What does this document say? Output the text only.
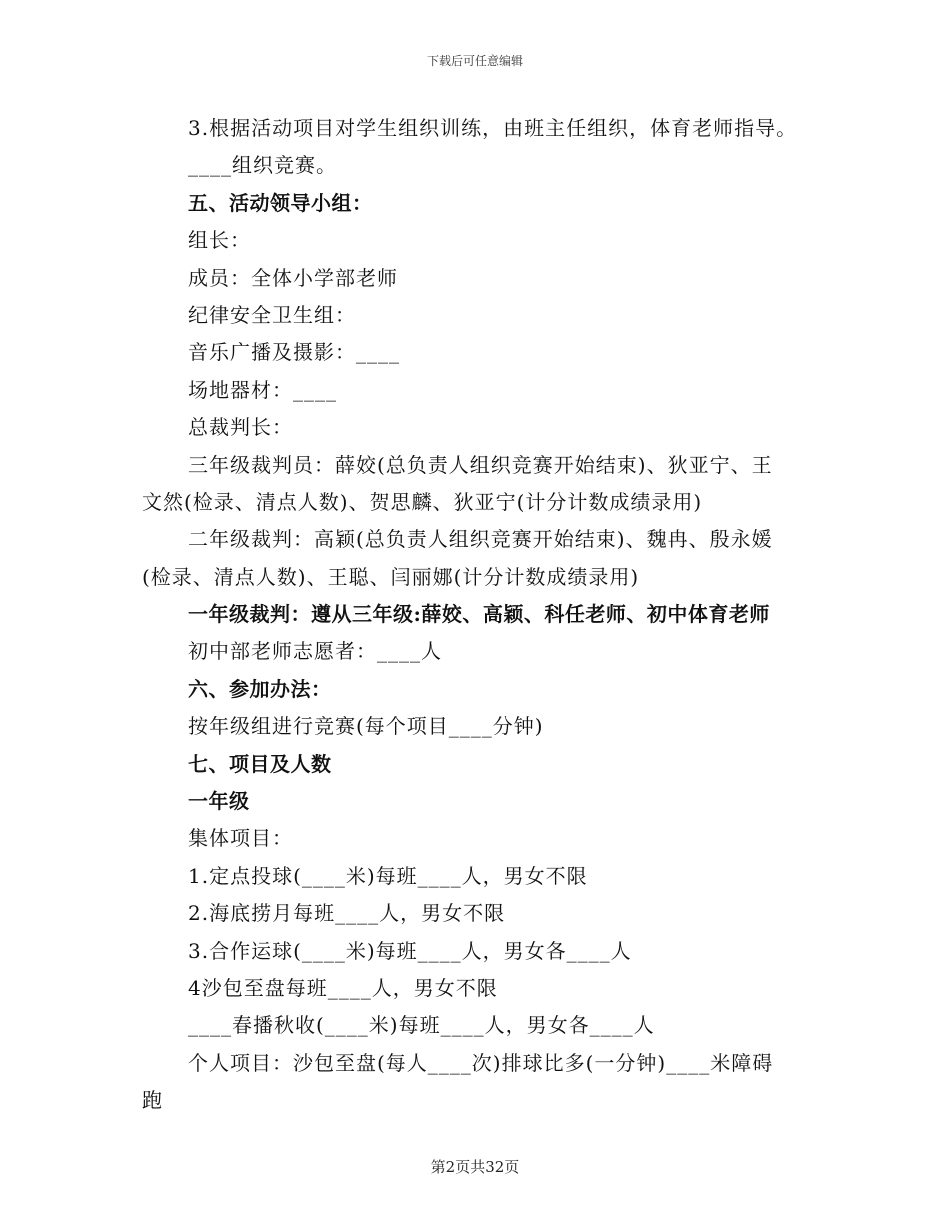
下载后可任意编辑
3.根据活动项目对学生组织训练，由班主任组织，体育老师指导。
____组织竞赛。
五、活动领导小组：
组长：
成员：全体小学部老师
纪律安全卫生组：
音乐广播及摄影：____
场地器材：____
总裁判长：
三年级裁判员：薛姣(总负责人组织竞赛开始结束)、狄亚宁、王
文然(检录、清点人数)、贺思麟、狄亚宁(计分计数成绩录用)
二年级裁判：高颖(总负责人组织竞赛开始结束)、魏冉、殷永媛
(检录、清点人数)、王聪、闫丽娜(计分计数成绩录用)
一年级裁判：遵从三年级:薛姣、高颖、科任老师、初中体育老师
初中部老师志愿者：____人
六、参加办法：
按年级组进行竞赛(每个项目____分钟)
七、项目及人数
一年级
集体项目：
1.定点投球(____米)每班____人，男女不限
2.海底捞月每班____人，男女不限
3.合作运球(____米)每班____人，男女各____人
4沙包至盘每班____人，男女不限
____春播秋收(____米)每班____人，男女各____人
个人项目：沙包至盘(每人____次)排球比多(一分钟)____米障碍
跑
第2页共32页
